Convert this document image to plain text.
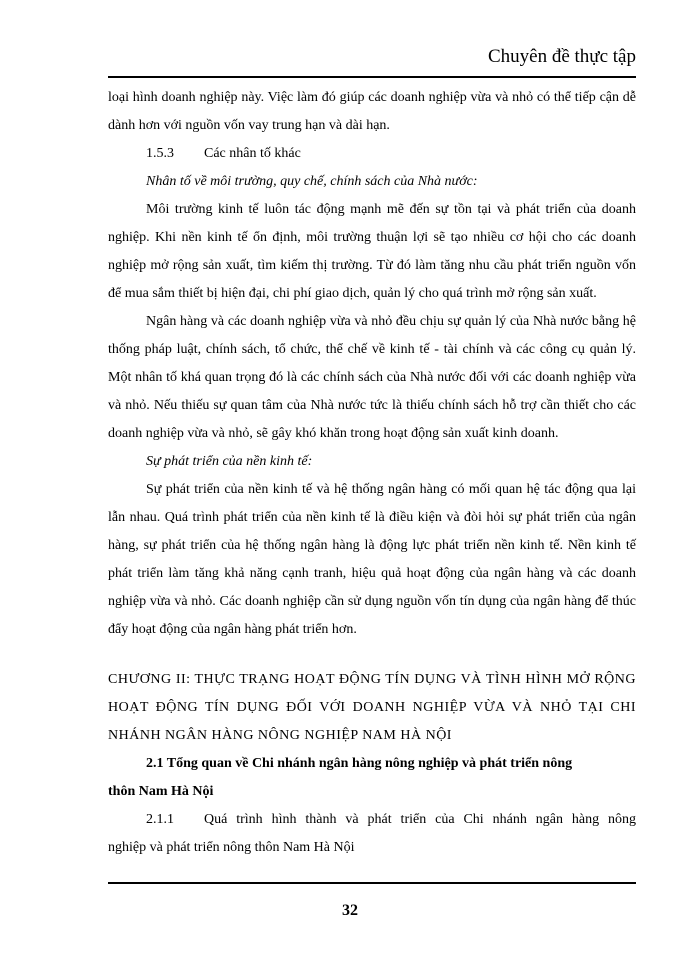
Chuyên đề thực tập

loại hình doanh nghiệp này. Việc làm đó giúp các doanh nghiệp vừa và nhỏ có thể tiếp cận dễ dành hơn với nguồn vốn vay trung hạn và dài hạn.

1.5.3	Các nhân tố khác
Nhân tố về môi trường, quy chế, chính sách của Nhà nước:

Môi trường kinh tế luôn tác động mạnh mẽ đến sự tồn tại và phát triển của doanh nghiệp. Khi nền kinh tế ổn định, môi trường thuận lợi sẽ tạo nhiều cơ hội cho các doanh nghiệp mở rộng sản xuất, tìm kiếm thị trường. Từ đó làm tăng nhu cầu phát triển nguồn vốn để mua sắm thiết bị hiện đại, chi phí giao dịch, quản lý cho quá trình mở rộng sản xuất.

Ngân hàng và các doanh nghiệp vừa và nhỏ đều chịu sự quản lý của Nhà nước bằng hệ thống pháp luật, chính sách, tổ chức, thể chế về kinh tế - tài chính và các công cụ quản lý. Một nhân tố khá quan trọng đó là các chính sách của Nhà nước đối với các doanh nghiệp vừa và nhỏ. Nếu thiếu sự quan tâm của Nhà nước tức là thiếu chính sách hỗ trợ cần thiết cho các doanh nghiệp vừa và nhỏ, sẽ gây khó khăn trong hoạt động sản xuất kinh doanh.

Sự phát triển của nền kinh tế:

Sự phát triển của nền kinh tế và hệ thống ngân hàng có mối quan hệ tác động qua lại lẫn nhau. Quá trình phát triển của nền kinh tế là điều kiện và đòi hỏi sự phát triển của ngân hàng, sự phát triển của hệ thống ngân hàng là động lực phát triển nền kinh tế. Nền kinh tế phát triển làm tăng khả năng cạnh tranh, hiệu quả hoạt động của ngân hàng và các doanh nghiệp vừa và nhỏ. Các doanh nghiệp cần sử dụng nguồn vốn tín dụng của ngân hàng để thúc đẩy hoạt động của ngân hàng phát triển hơn.

CHƯƠNG II: THỰC TRẠNG HOẠT ĐỘNG TÍN DỤNG VÀ TÌNH HÌNH MỞ RỘNG
HOẠT ĐỘNG TÍN DỤNG ĐỐI VỚI DOANH NGHIỆP VỪA VÀ NHỎ TẠI CHI
NHÁNH NGÂN HÀNG NÔNG NGHIỆP NAM HÀ NỘI
2.1 Tổng quan về Chi nhánh ngân hàng nông nghiệp và phát triển nông
thôn Nam Hà Nội
2.1.1	Quá trình hình thành và phát triển của Chi nhánh ngân hàng nông
nghiệp và phát triển nông thôn Nam Hà Nội
32
